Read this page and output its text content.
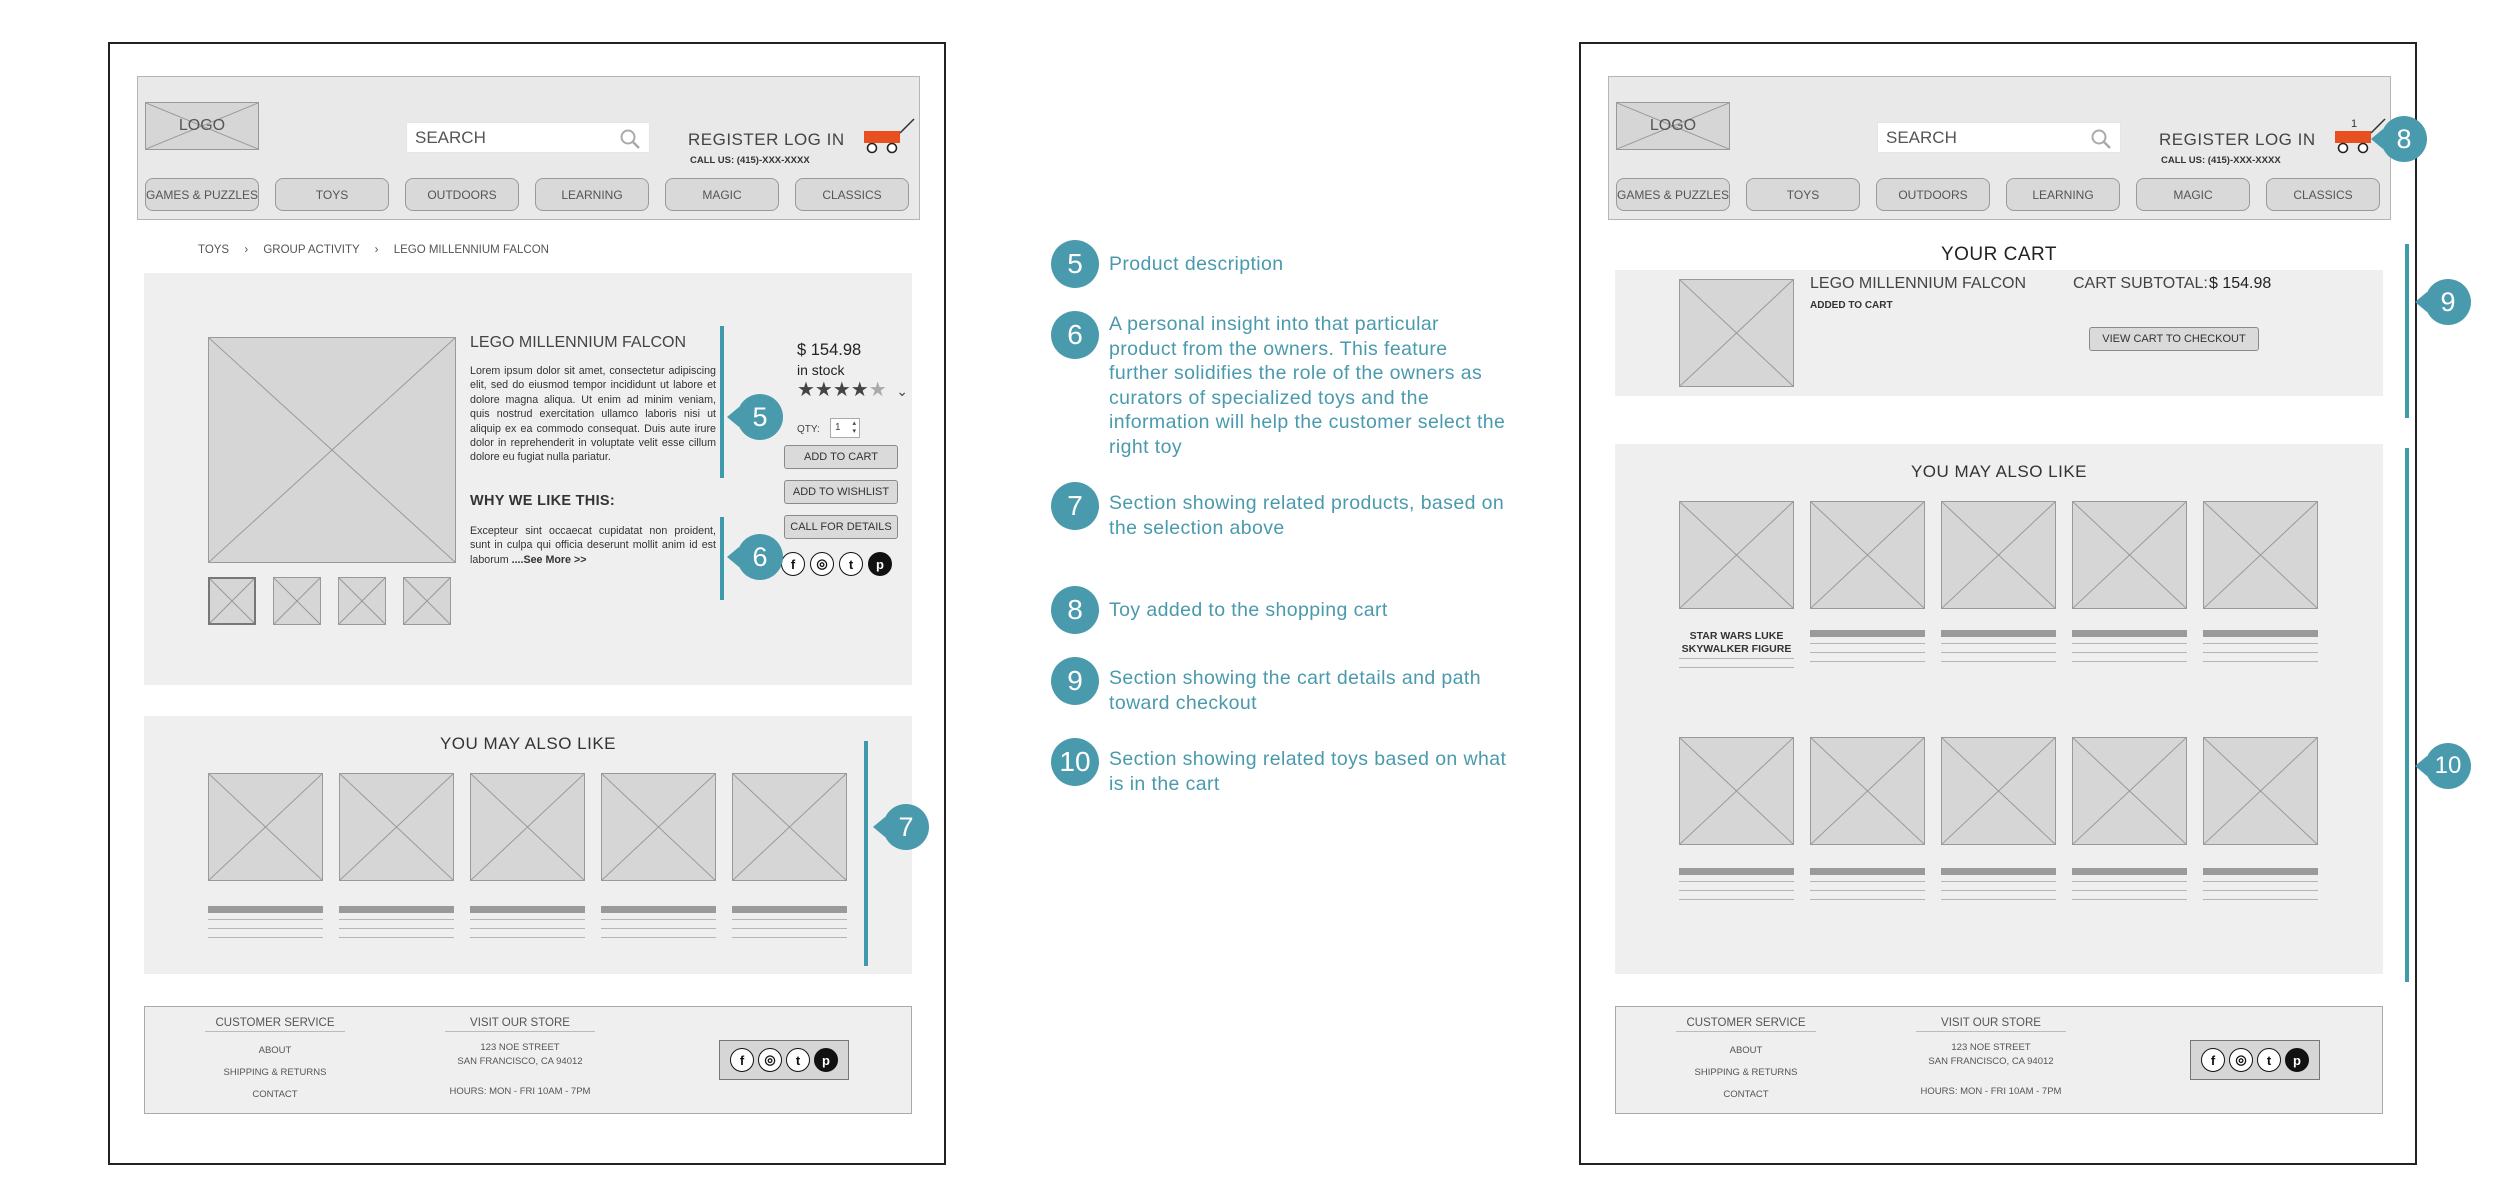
LOGO
SEARCH	REGISTER LOG IN
CALL US: (415)-XXX-XXXX
GAMES & PUZZLES	TOYS	OUTDOORS	LEARNING	MAGIC	CLASSICS
TOYS › GROUP ACTIVITY › LEGO MILLENNIUM FALCON
LEGO MILLENNIUM FALCON

Lorem ipsum dolor sit amet, consectetur adipiscing elit, sed do eiusmod tempor incididunt ut labore et dolore magna aliqua. Ut enim ad minim veniam, quis nostrud exercitation ullamco laboris nisi ut aliquip ex ea commodo consequat. Duis aute irure dolor in reprehenderit in voluptate velit esse cillum dolore eu fugiat nulla pariatur.

WHY WE LIKE THIS:

Excepteur sint occaecat cupidatat non proident, sunt in culpa qui officia deserunt mollit anim id est laborum ....See More >>

$ 154.98
in stock
★★★★★ ⌄
QTY: 1 ▴
▾
ADD TO CART
ADD TO WISHLIST
CALL FOR DETAILS
f	◎	t	p
5
6
YOU MAY ALSO LIKE
7
CUSTOMER SERVICE
ABOUT
SHIPPING & RETURNS
CONTACT
VISIT OUR STORE
123 NOE STREET
SAN FRANCISCO, CA 94012
HOURS: MON - FRI 10AM - 7PM
f	◎	t	p
5	Product description
6	A personal insight into that particular product from the owners. This feature further solidifies the role of the owners as curators of specialized toys and the information will help the customer select the right toy
7	Section showing related products, based on the selection above
8	Toy added to the shopping cart
9	Section showing the cart details and path toward checkout
10 Section showing related toys based on what is in the cart
LOGO
SEARCH	REGISTER LOG IN
CALL US: (415)-XXX-XXXX
1
GAMES & PUZZLES	TOYS	OUTDOORS	LEARNING	MAGIC	CLASSICS
8
YOUR CART
LEGO MILLENNIUM FALCON
ADDED TO CART
CART SUBTOTAL: $ 154.98
VIEW CART TO CHECKOUT
9
YOU MAY ALSO LIKE
STAR WARS LUKE
SKYWALKER FIGURE
10
CUSTOMER SERVICE
ABOUT
SHIPPING & RETURNS
CONTACT
VISIT OUR STORE
123 NOE STREET
SAN FRANCISCO, CA 94012
HOURS: MON - FRI 10AM - 7PM
f	◎	t	p
